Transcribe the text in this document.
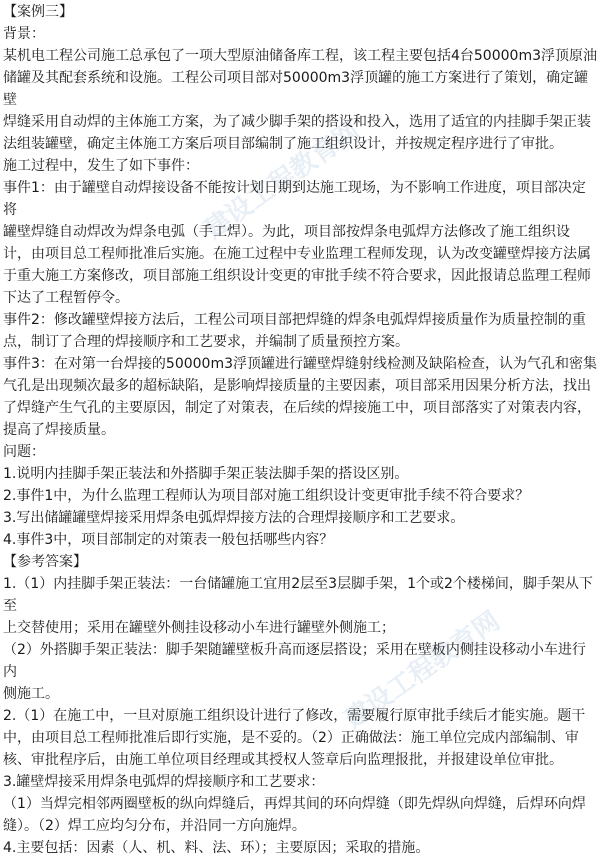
建设工程教育网
建设工程教育网
【案例三】
背景：
某机电工程公司施工总承包了一项大型原油储备库工程，该工程主要包括4台50000m3浮顶原油
储罐及其配套系统和设施。工程公司项目部对50000m3浮顶罐的施工方案进行了策划，确定罐壁
焊缝采用自动焊的主体施工方案，为了减少脚手架的搭设和投入，选用了适宜的内挂脚手架正装
法组装罐壁，确定主体施工方案后项目部编制了施工组织设计，并按规定程序进行了审批。
施工过程中，发生了如下事件：
事件1：由于罐壁自动焊接设备不能按计划日期到达施工现场，为不影响工作进度，项目部决定将
罐壁焊缝自动焊改为焊条电弧（手工焊）。为此，项目部按焊条电弧焊方法修改了施工组织设
计，由项目总工程师批准后实施。在施工过程中专业监理工程师发现，认为改变罐壁焊接方法属
于重大施工方案修改，项目部施工组织设计变更的审批手续不符合要求，因此报请总监理工程师
下达了工程暂停令。
事件2：修改罐壁焊接方法后，工程公司项目部把焊缝的焊条电弧焊焊接质量作为质量控制的重
点，制订了合理的焊接顺序和工艺要求，并编制了质量预控方案。
事件3：在对第一台焊接的50000m3浮顶罐进行罐壁焊缝射线检测及缺陷检查，认为气孔和密集
气孔是出现频次最多的超标缺陷，是影响焊接质量的主要因素，项目部采用因果分析方法，找出
了焊缝产生气孔的主要原因，制定了对策表，在后续的焊接施工中，项目部落实了对策表内容，
提高了焊接质量。
问题：
1.说明内挂脚手架正装法和外搭脚手架正装法脚手架的搭设区别。
2.事件1中，为什么监理工程师认为项目部对施工组织设计变更审批手续不符合要求？
3.写出储罐罐壁焊接采用焊条电弧焊焊接方法的合理焊接顺序和工艺要求。
4.事件3中，项目部制定的对策表一般包括哪些内容？
【参考答案】
1.（1）内挂脚手架正装法：一台储罐施工宜用2层至3层脚手架，1个或2个楼梯间，脚手架从下至
上交替使用；采用在罐壁外侧挂设移动小车进行罐壁外侧施工；
（2）外搭脚手架正装法：脚手架随罐壁板升高而逐层搭设；采用在壁板内侧挂设移动小车进行内
侧施工。
2.（1）在施工中，一旦对原施工组织设计进行了修改，需要履行原审批手续后才能实施。题干
中，由项目总工程师批准后即行实施，是不妥的。（2）正确做法：施工单位完成内部编制、审
核、审批程序后，由施工单位项目经理或其授权人签章后向监理报批，并报建设单位审批。
3.罐壁焊接采用焊条电弧焊的焊接顺序和工艺要求：
（1）当焊完相邻两圈壁板的纵向焊缝后，再焊其间的环向焊缝（即先焊纵向焊缝，后焊环向焊
缝）。（2）焊工应均匀分布，并沿同一方向施焊。
4.主要包括：因素（人、机、料、法、环）；主要原因；采取的措施。
